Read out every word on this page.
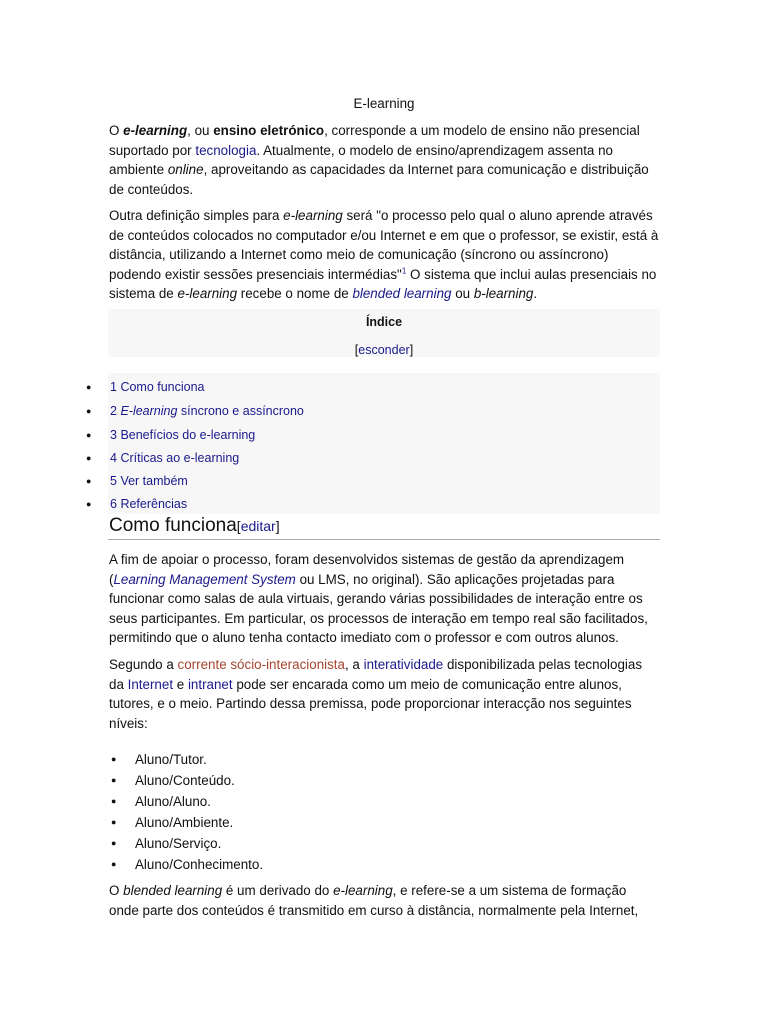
E-learning

O e-learning, ou ensino eletrónico, corresponde a um modelo de ensino não presencial suportado por tecnologia. Atualmente, o modelo de ensino/aprendizagem assenta no ambiente online, aproveitando as capacidades da Internet para comunicação e distribuição de conteúdos.

Outra definição simples para e-learning será "o processo pelo qual o aluno aprende através de conteúdos colocados no computador e/ou Internet e em que o professor, se existir, está à distância, utilizando a Internet como meio de comunicação (síncrono ou assíncrono) podendo existir sessões presenciais intermédias"$^1$ O sistema que inclui aulas presenciais no sistema de e-learning recebe o nome de blended learning ou b-learning.

Índice
[esconder]
● 1 Como funciona
● 2 E-learning síncrono e assíncrono
● 3 Benefícios do e-learning
● 4 Críticas ao e-learning
● 5 Ver também
● 6 Referências
Como funciona[editar]

A fim de apoiar o processo, foram desenvolvidos sistemas de gestão da aprendizagem (Learning Management System ou LMS, no original). São aplicações projetadas para funcionar como salas de aula virtuais, gerando várias possibilidades de interação entre os seus participantes. Em particular, os processos de interação em tempo real são facilitados, permitindo que o aluno tenha contacto imediato com o professor e com outros alunos.

Segundo a corrente sócio-interacionista, a interatividade disponibilizada pelas tecnologias da Internet e intranet pode ser encarada como um meio de comunicação entre alunos, tutores, e o meio. Partindo dessa premissa, pode proporcionar interacção nos seguintes níveis:

● Aluno/Tutor.
● Aluno/Conteúdo.
● Aluno/Aluno.
● Aluno/Ambiente.
● Aluno/Serviço.
● Aluno/Conhecimento.

O blended learning é um derivado do e-learning, e refere-se a um sistema de formação onde parte dos conteúdos é transmitido em curso à distância, normalmente pela Internet,
